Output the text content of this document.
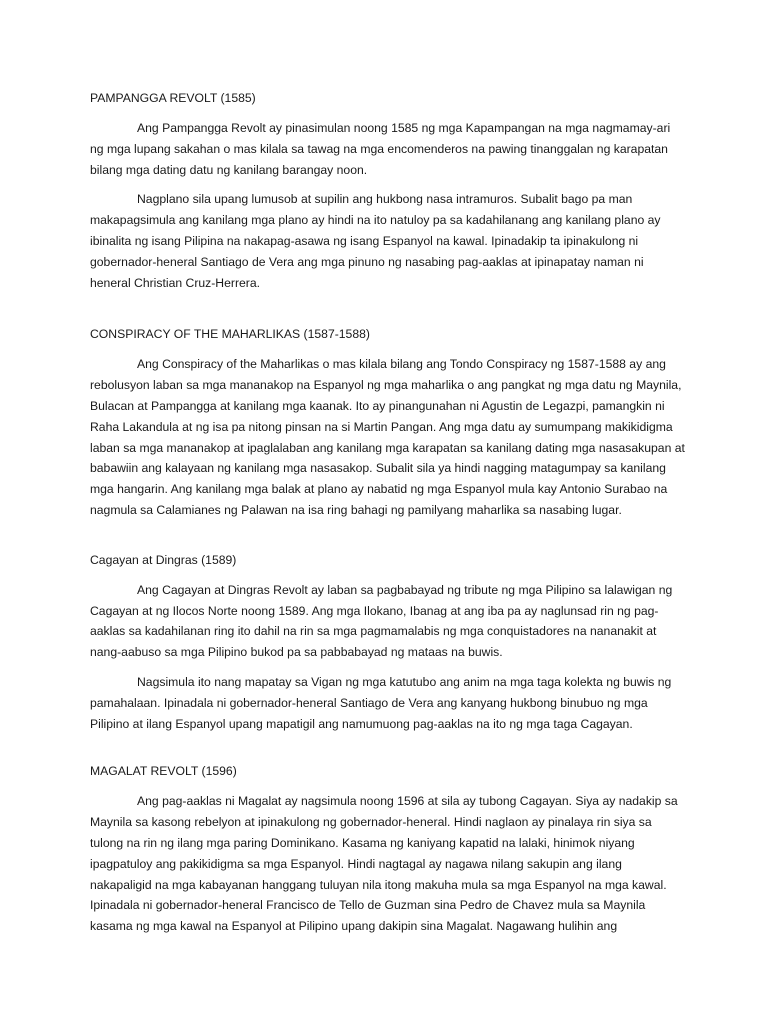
PAMPANGGA REVOLT (1585)

Ang Pampangga Revolt ay pinasimulan noong 1585 ng mga Kapampangan na mga nagmamay-ari ng mga lupang sakahan o mas kilala sa tawag na mga encomenderos na pawing tinanggalan ng karapatan bilang mga dating datu ng kanilang barangay noon.

Nagplano sila upang lumusob at supilin ang hukbong nasa intramuros. Subalit bago pa man makapagsimula ang kanilang mga plano ay hindi na ito natuloy pa sa kadahilanang ang kanilang plano ay ibinalita ng isang Pilipina na nakapag-asawa ng isang Espanyol na kawal. Ipinadakip ta ipinakulong ni gobernador-heneral Santiago de Vera ang mga pinuno ng nasabing pag-aaklas at ipinapatay naman ni heneral Christian Cruz-Herrera.

CONSPIRACY OF THE MAHARLIKAS (1587-1588)

Ang Conspiracy of the Maharlikas o mas kilala bilang ang Tondo Conspiracy ng 1587-1588 ay ang rebolusyon laban sa mga mananakop na Espanyol ng mga maharlika o ang pangkat ng mga datu ng Maynila, Bulacan at Pampangga at kanilang mga kaanak. Ito ay pinangunahan ni Agustin de Legazpi, pamangkin ni Raha Lakandula at ng isa pa nitong pinsan na si Martin Pangan. Ang mga datu ay sumumpang makikidigma laban sa mga mananakop at ipaglalaban ang kanilang mga karapatan sa kanilang dating mga nasasakupan at babawiin ang kalayaan ng kanilang mga nasasakop. Subalit sila ya hindi nagging matagumpay sa kanilang mga hangarin. Ang kanilang mga balak at plano ay nabatid ng mga Espanyol mula kay Antonio Surabao na nagmula sa Calamianes ng Palawan na isa ring bahagi ng pamilyang maharlika sa nasabing lugar.

Cagayan at Dingras (1589)

Ang Cagayan at Dingras Revolt ay laban sa pagbabayad ng tribute ng mga Pilipino sa lalawigan ng Cagayan at ng Ilocos Norte noong 1589. Ang mga Ilokano, Ibanag at ang iba pa ay naglunsad rin ng pag-aaklas sa kadahilanan ring ito dahil na rin sa mga pagmamalabis ng mga conquistadores na nananakit at nang-aabuso sa mga Pilipino bukod pa sa pabbabayad ng mataas na buwis.

Nagsimula ito nang mapatay sa Vigan ng mga katutubo ang anim na mga taga kolekta ng buwis ng pamahalaan. Ipinadala ni gobernador-heneral Santiago de Vera ang kanyang hukbong binubuo ng mga Pilipino at ilang Espanyol upang mapatigil ang namumuong pag-aaklas na ito ng mga taga Cagayan.

MAGALAT REVOLT (1596)

Ang pag-aaklas ni Magalat ay nagsimula noong 1596 at sila ay tubong Cagayan. Siya ay nadakip sa Maynila sa kasong rebelyon at ipinakulong ng gobernador-heneral. Hindi naglaon ay pinalaya rin siya sa tulong na rin ng ilang mga paring Dominikano. Kasama ng kaniyang kapatid na lalaki, hinimok niyang ipagpatuloy ang pakikidigma sa mga Espanyol. Hindi nagtagal ay nagawa nilang sakupin ang ilang nakapaligid na mga kabayanan hanggang tuluyan nila itong makuha mula sa mga Espanyol na mga kawal. Ipinadala ni gobernador-heneral Francisco de Tello de Guzman sina Pedro de Chavez mula sa Maynila kasama ng mga kawal na Espanyol at Pilipino upang dakipin sina Magalat. Nagawang hulihin ang
